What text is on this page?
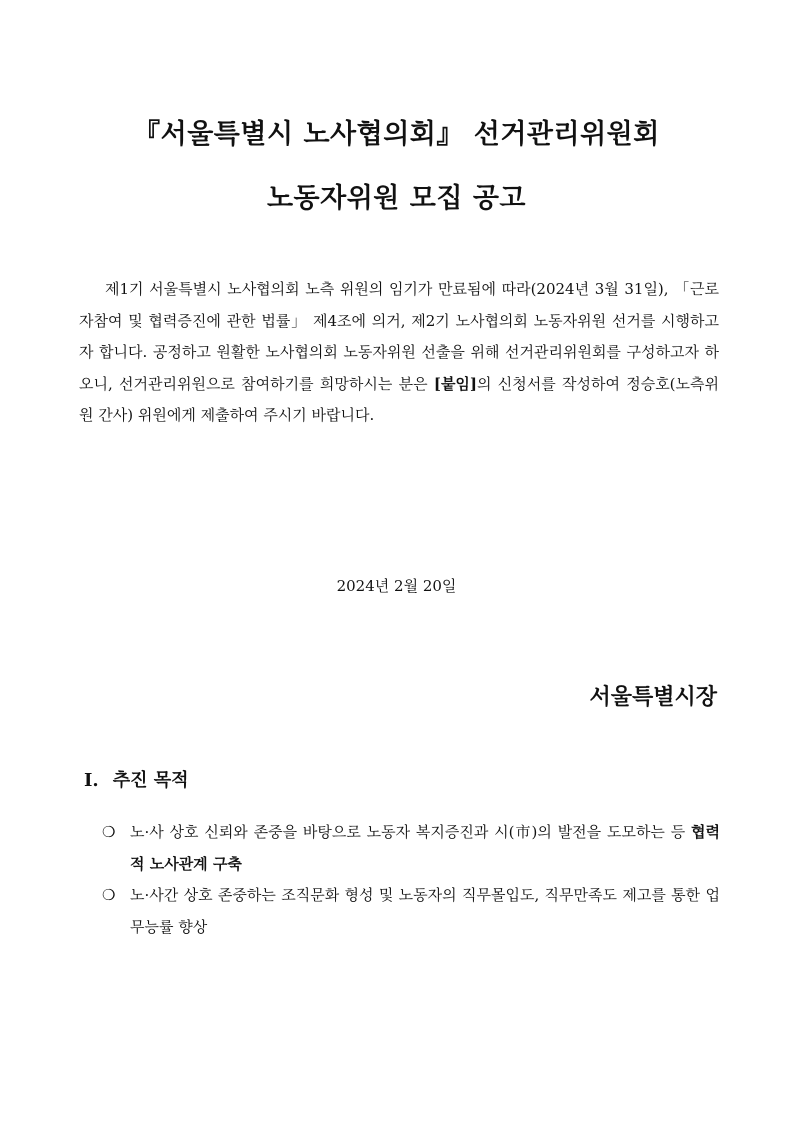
『서울특별시 노사협의회』 선거관리위원회
노동자위원 모집 공고

제1기 서울특별시 노사협의회 노측 위원의 임기가 만료됨에 따라(2024년 3월 31일), 「근로자참여 및 협력증진에 관한 법률」 제4조에 의거, 제2기 노사협의회 노동자위원 선거를 시행하고자 합니다. 공정하고 원활한 노사협의회 노동자위원 선출을 위해 선거관리위원회를 구성하고자 하오니, 선거관리위원으로 참여하기를 희망하시는 분은 [붙임]의 신청서를 작성하여 정승호(노측위원 간사) 위원에게 제출하여 주시기 바랍니다.

2024년 2월 20일
서울특별시장
Ⅰ. 추진 목적
❍ 노·사 상호 신뢰와 존중을 바탕으로 노동자 복지증진과 시(市)의 발전을 도모하는 등 협력적 노사관계 구축
❍ 노·사간 상호 존중하는 조직문화 형성 및 노동자의 직무몰입도, 직무만족도 제고를 통한 업무능률 향상
